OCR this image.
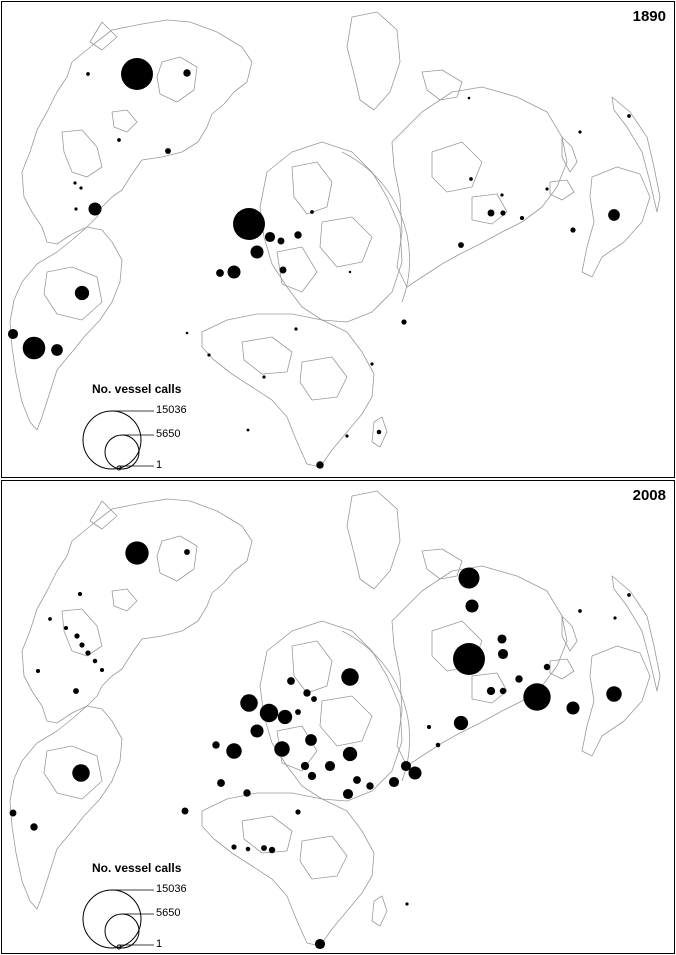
1890
No. vessel calls
15036
5650
1
2008
No. vessel calls
15036
5650
1
